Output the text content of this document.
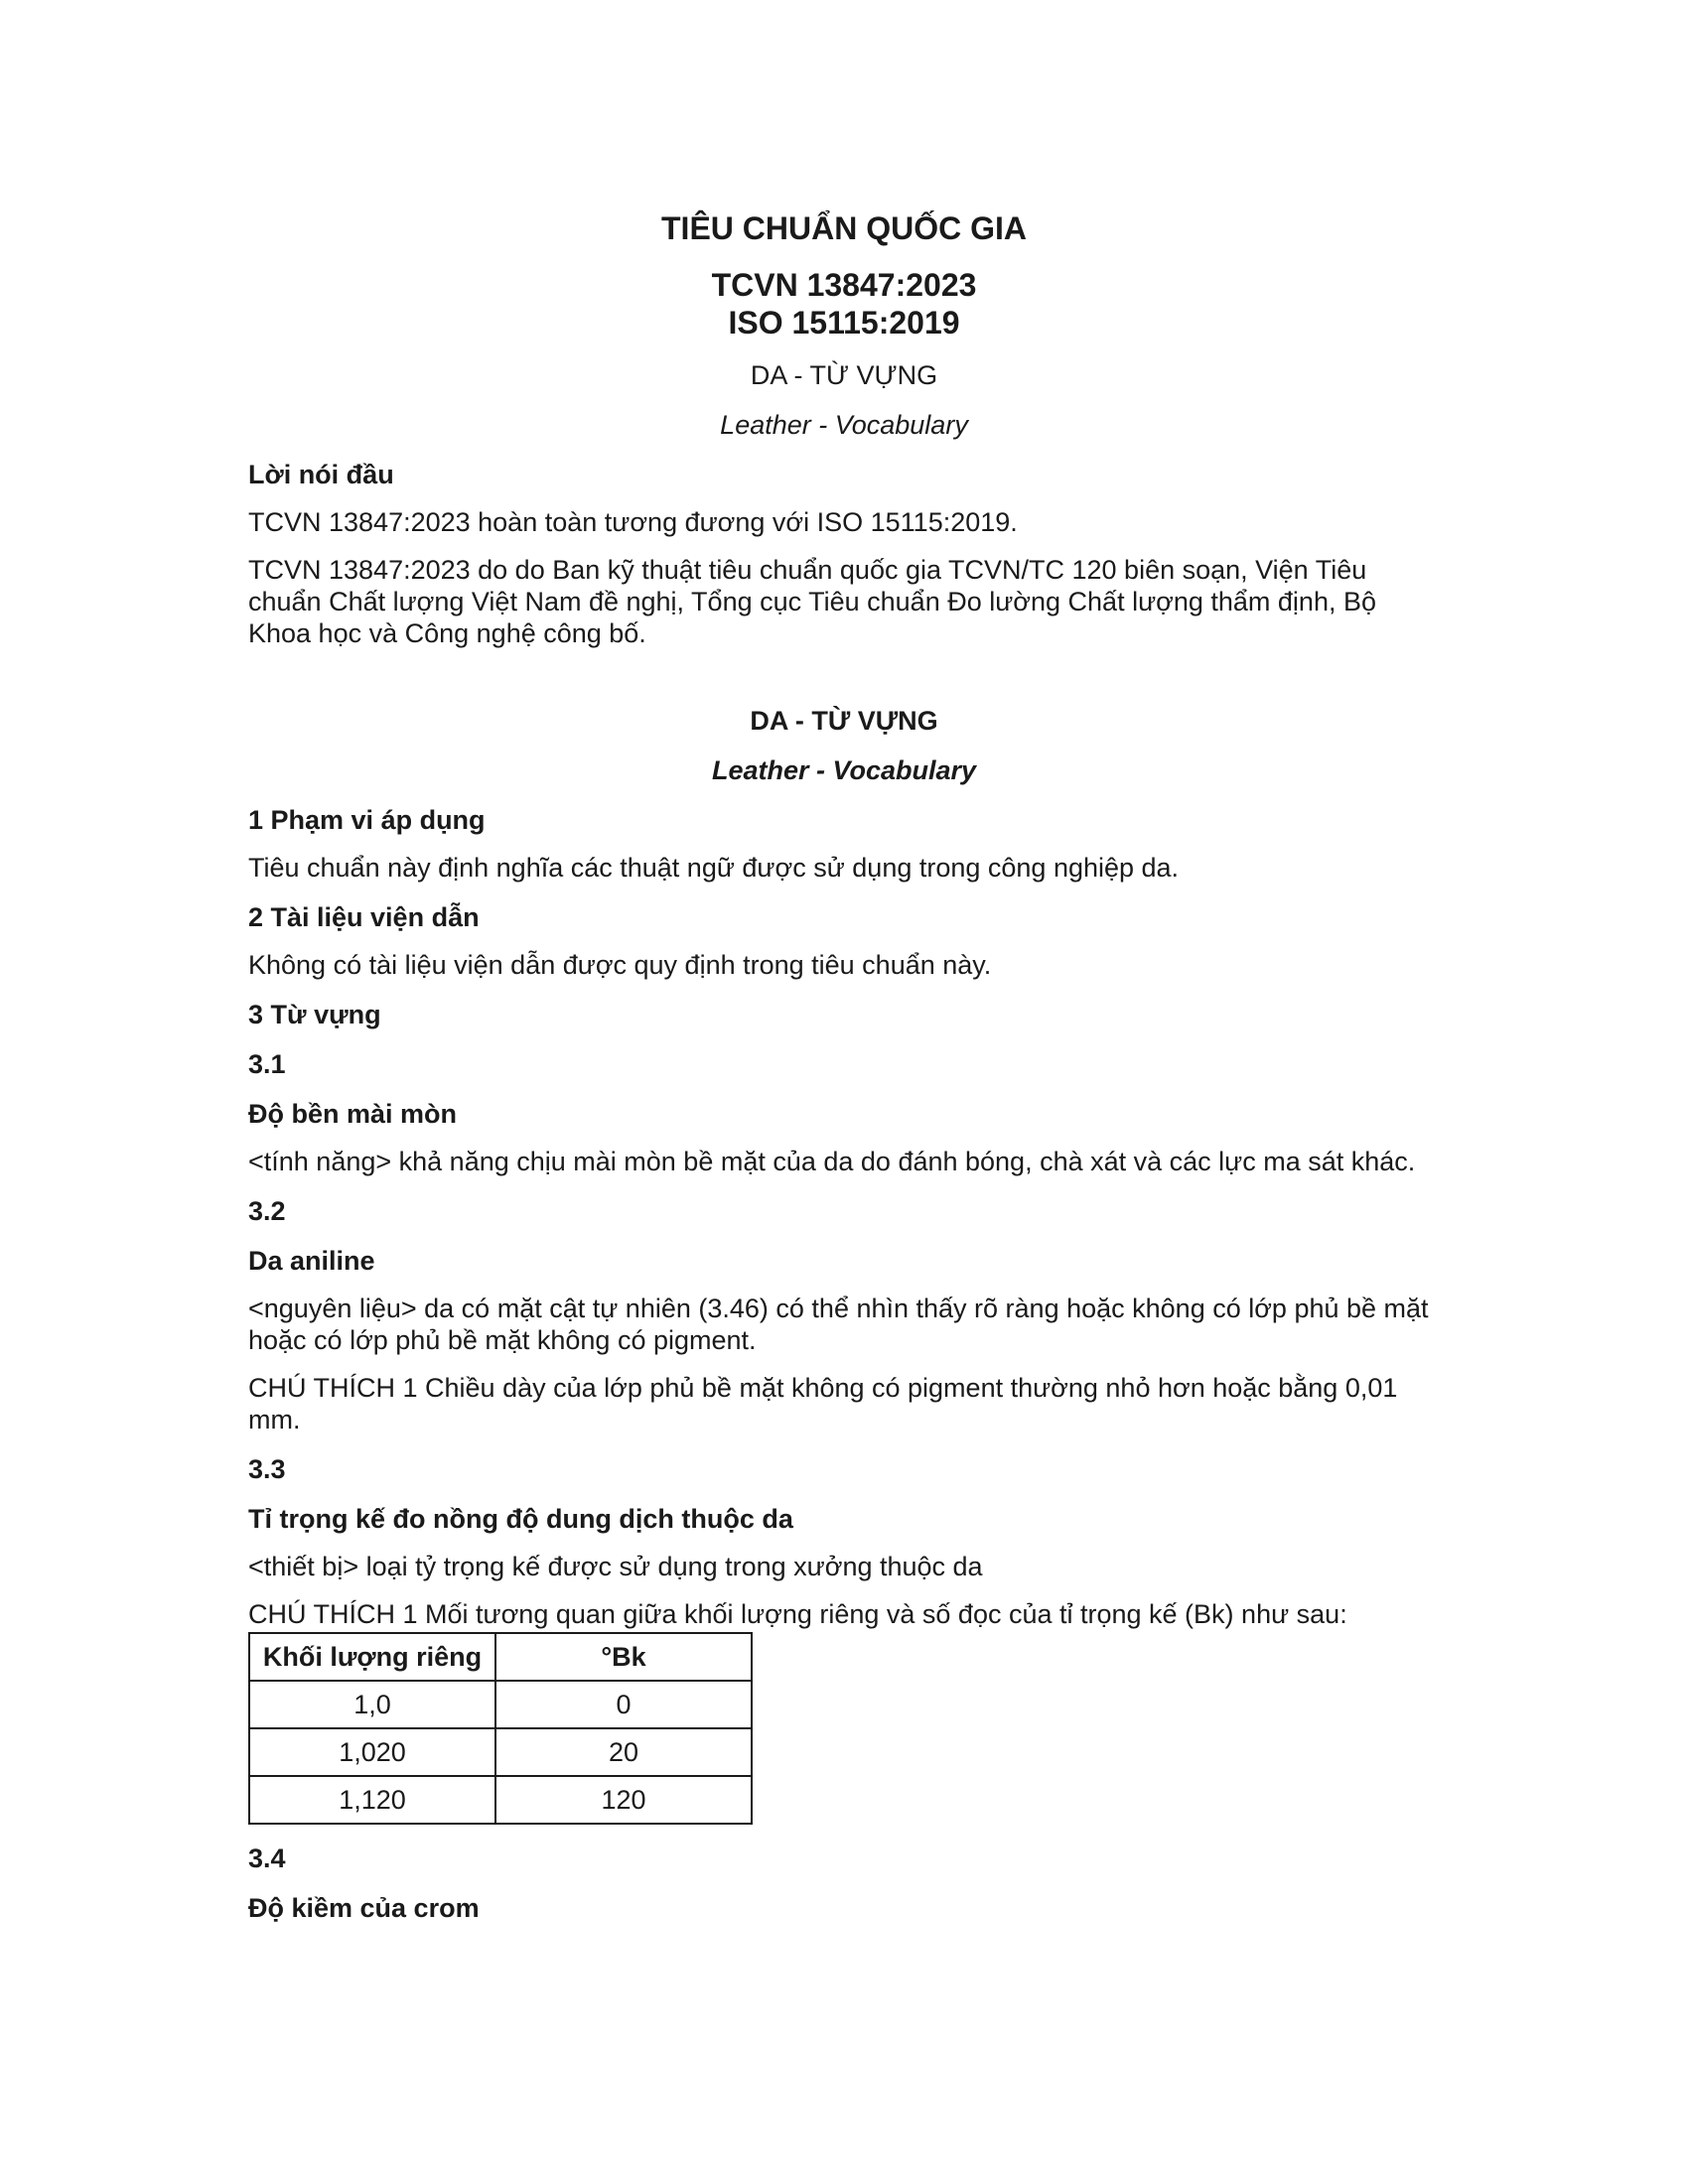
TIÊU CHUẨN QUỐC GIA
TCVN 13847:2023
ISO 15115:2019
DA - TỪ VỰNG
Leather - Vocabulary
Lời nói đầu
TCVN 13847:2023 hoàn toàn tương đương với ISO 15115:2019.
TCVN 13847:2023 do do Ban kỹ thuật tiêu chuẩn quốc gia TCVN/TC 120 biên soạn, Viện Tiêu chuẩn Chất lượng Việt Nam đề nghị, Tổng cục Tiêu chuẩn Đo lường Chất lượng thẩm định, Bộ Khoa học và Công nghệ công bố.
DA - TỪ VỰNG
Leather - Vocabulary
1 Phạm vi áp dụng
Tiêu chuẩn này định nghĩa các thuật ngữ được sử dụng trong công nghiệp da.
2 Tài liệu viện dẫn
Không có tài liệu viện dẫn được quy định trong tiêu chuẩn này.
3 Từ vựng
3.1
Độ bền mài mòn
<tính năng> khả năng chịu mài mòn bề mặt của da do đánh bóng, chà xát và các lực ma sát khác.
3.2
Da aniline
<nguyên liệu> da có mặt cật tự nhiên (3.46) có thể nhìn thấy rõ ràng hoặc không có lớp phủ bề mặt hoặc có lớp phủ bề mặt không có pigment.
CHÚ THÍCH 1 Chiều dày của lớp phủ bề mặt không có pigment thường nhỏ hơn hoặc bằng 0,01 mm.
3.3
Tỉ trọng kế đo nồng độ dung dịch thuộc da
<thiết bị> loại tỷ trọng kế được sử dụng trong xưởng thuộc da
CHÚ THÍCH 1 Mối tương quan giữa khối lượng riêng và số đọc của tỉ trọng kế (Bk) như sau:
Khối lượng riêng	°Bk
1,0	0
1,020	20
1,120	120
3.4
Độ kiềm của crom
